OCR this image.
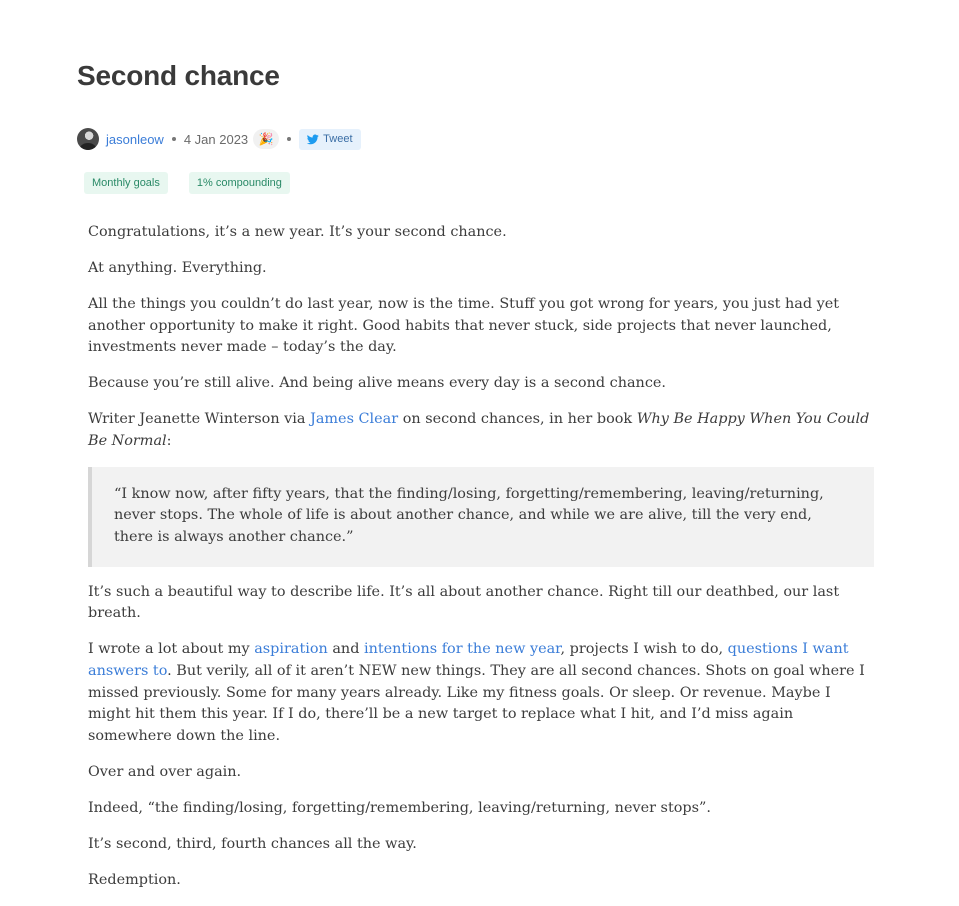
Second chance
jasonleow 4 Jan 2023 🎉	Tweet
Monthly goals	1% compounding

Congratulations, it’s a new year. It’s your second chance.

At anything. Everything.

All the things you couldn’t do last year, now is the time. Stuff you got wrong for years, you just had yet another opportunity to make it right. Good habits that never stuck, side projects that never launched, investments never made – today’s the day.

Because you’re still alive. And being alive means every day is a second chance.

Writer Jeanette Winterson via James Clear on second chances, in her book Why Be Happy When You Could Be Normal:

“I know now, after fifty years, that the finding/losing, forgetting/remembering, leaving/returning, never stops. The whole of life is about another chance, and while we are alive, till the very end, there is always another chance.”

It’s such a beautiful way to describe life. It’s all about another chance. Right till our deathbed, our last breath.

I wrote a lot about my aspiration and intentions for the new year, projects I wish to do, questions I want answers to. But verily, all of it aren’t NEW new things. They are all second chances. Shots on goal where I missed previously. Some for many years already. Like my fitness goals. Or sleep. Or revenue. Maybe I might hit them this year. If I do, there’ll be a new target to replace what I hit, and I’d miss again somewhere down the line.

Over and over again.

Indeed, “the finding/losing, forgetting/remembering, leaving/returning, never stops”.

It’s second, third, fourth chances all the way.

Redemption.
